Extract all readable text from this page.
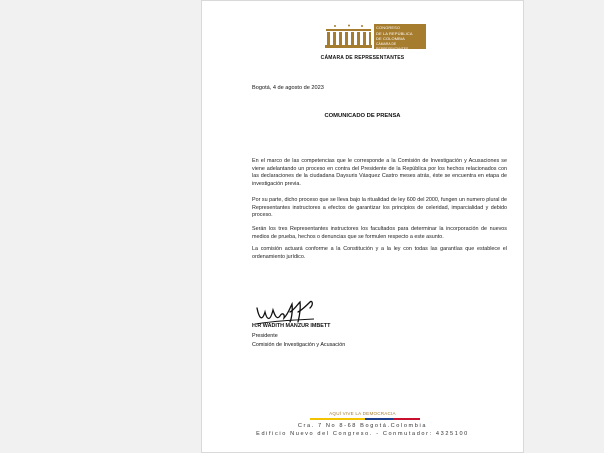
CONGRESO
DE LA REPÚBLICA
DE COLOMBIA
CÁMARA DE REPRESENTANTES
CÁMARA DE REPRESENTANTES
Bogotá, 4 de agosto de 2023
COMUNICADO DE PRENSA

En el marco de las competencias que le corresponde a la Comisión de Investigación y Acusaciones se viene adelantando un proceso en contra del Presidente de la República por los hechos relacionados con las declaraciones de la ciudadana Daysuris Vásquez Castro meses atrás, éste se encuentra en etapa de investigación previa.

Por su parte, dicho proceso que se lleva bajo la ritualidad de ley 600 del 2000, fungen un numero plural de Representantes instructores a efectos de garantizar los principios de celeridad, imparcialidad y debido proceso.

Serán los tres Representantes instructores los facultados para determinar la incorporación de nuevos medios de prueba, hechos o denuncias que se formulen respecto a este asunto.

La comisión actuará conforme a la Constitución y a la ley con todas las garantías que establece el ordenamiento jurídico.

H.R WADITH MANZUR IMBETT
Presidente
Comisión de Investigación y Acusación
AQUÍ VIVE LA DEMOCRACIA
Cra. 7 No 8-68 Bogotá.Colombia
Edificio Nuevo del Congreso. - Conmutador: 4325100
